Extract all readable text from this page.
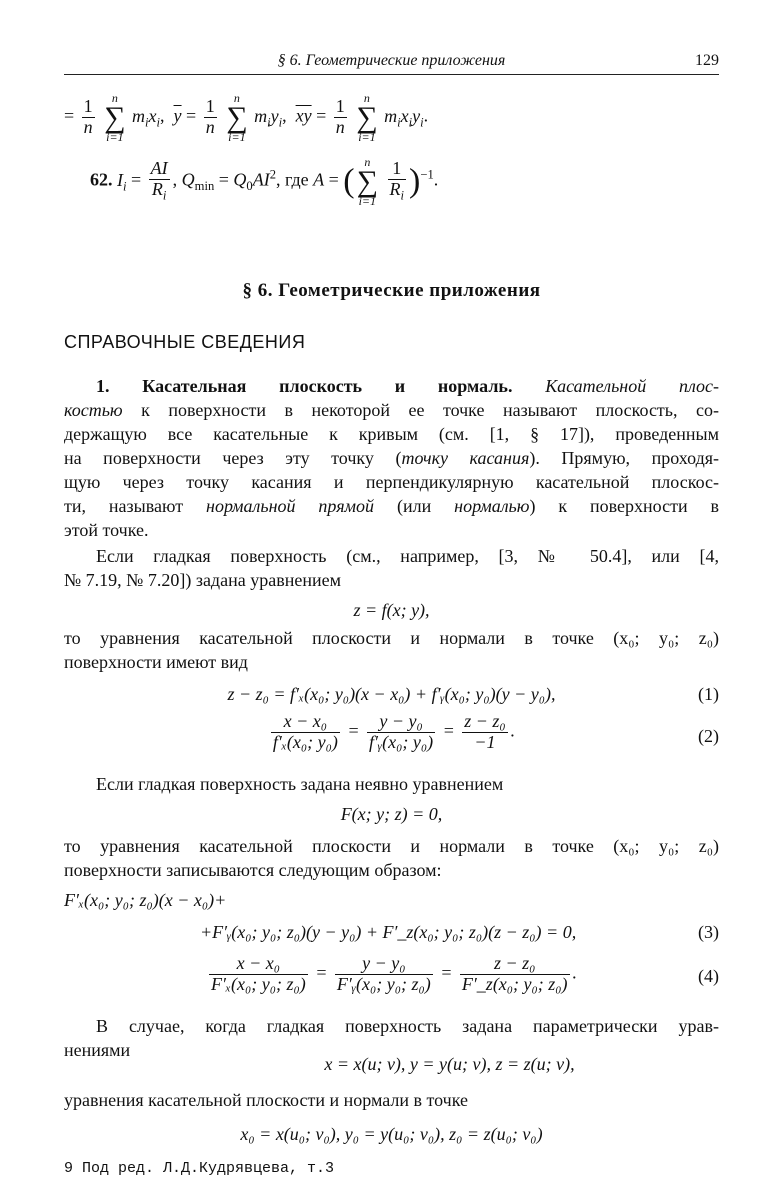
§ 6. Геометрические приложения	129
= $\frac{1}{n}$
	n
∑
i=1
$m_ix_i$,  $\overline{y} = \frac{1}{n}$
	n
∑
i=1
$m_iy_i$,  $\overline{xy} = \frac{1}{n}$
	n
∑
i=1
$m_ix_iy_i$.
62. $I_i = \frac{AI}{R_i}$ , $Q_{min} = Q_0AI^2$, где A = (
n
∑
i=1
$\frac{1}{R_i} )^{-1}$.
§ 6. Геометрические приложения
СПРАВОЧНЫЕ СВЕДЕНИЯ
1. Касательная плоскость и нормаль. Касательной плос-
костью к поверхности в некоторой ее точке называют плоскость, со-
держащую все касательные к кривым (см. [1, § 17]), проведенным
на поверхности через эту точку (точку касания). Прямую, проходя-
щую через точку касания и перпендикулярную касательной плоскос-
ти, называют нормальной прямой (или нормалью) к поверхности в
этой точке.
Если гладкая поверхность (см., например, [3, № 50.4], или [4,
№ 7.19, № 7.20]) задана уравнением
z = f(x; y),
то уравнения касательной плоскости и нормали в точке (x₀; y₀; z₀)
поверхности имеют вид
z − z₀ = f′ₓ(x₀; y₀)(x − x₀) + f′ᵧ(x₀; y₀)(y − y₀),	(1)
$\frac{\text{x − x₀}}{\text{f′ₓ(x₀; y₀)}} = \frac{\text{y − y₀}}{\text{f′ᵧ(x₀; y₀)}} = \frac{\text{z − z₀}}{-1}$ .	(2)
Если гладкая поверхность задана неявно уравнением
F(x; y; z) = 0,
то уравнения касательной плоскости и нормали в точке (x₀; y₀; z₀)
поверхности записываются следующим образом:
F′ₓ(x₀; y₀; z₀)(x − x₀)+
+F′ᵧ(x₀; y₀; z₀)(y − y₀) + F′_z(x₀; y₀; z₀)(z − z₀) = 0,	(3)
$\frac{\text{x − x₀}}{\text{F′ₓ(x₀; y₀; z₀)}} = \frac{\text{y − y₀}}{\text{F′ᵧ(x₀; y₀; z₀)}} = \frac{\text{z − z₀}}{\text{F′\_z(x₀; y₀; z₀)}}$ .	(4)
В случае, когда гладкая поверхность задана параметрически урав-
нениями
x = x(u; v), y = y(u; v), z = z(u; v),
уравнения касательной плоскости и нормали в точке
x₀ = x(u₀; v₀), y₀ = y(u₀; v₀), z₀ = z(u₀; v₀)
9 Под ред. Л.Д.Кудрявцева, т.3
